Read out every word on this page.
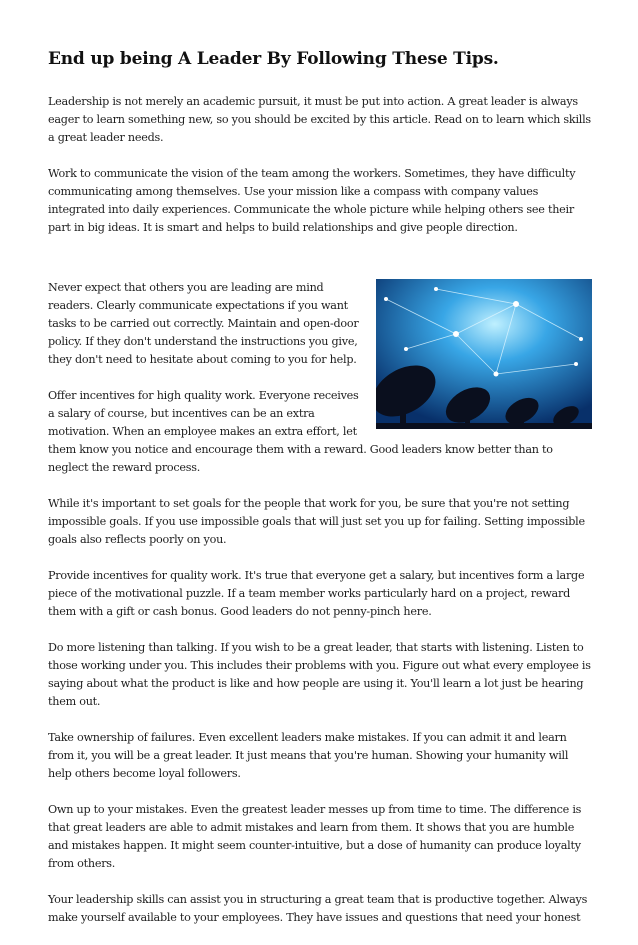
End up being A Leader By Following These Tips.

Leadership is not merely an academic pursuit, it must be put into action. A great leader is always eager to learn something new, so you should be excited by this article. Read on to learn which skills a great leader needs.

Work to communicate the vision of the team among the workers. Sometimes, they have difficulty communicating among themselves. Use your mission like a compass with company values integrated into daily experiences. Communicate the whole picture while helping others see their part in big ideas. It is smart and helps to build relationships and give people direction.

Never expect that others you are leading are mind readers. Clearly communicate expectations if you want tasks to be carried out correctly. Maintain and open-door policy. If they don't understand the instructions you give, they don't need to hesitate about coming to you for help.

Offer incentives for high quality work. Everyone receives a salary of course, but incentives can be an extra motivation. When an employee makes an extra effort, let them know you notice and encourage them with a reward. Good leaders know better than to neglect the reward process.

While it's important to set goals for the people that work for you, be sure that you're not setting impossible goals. If you use impossible goals that will just set you up for failing. Setting impossible goals also reflects poorly on you.

Provide incentives for quality work. It's true that everyone get a salary, but incentives form a large piece of the motivational puzzle. If a team member works particularly hard on a project, reward them with a gift or cash bonus. Good leaders do not penny-pinch here.

Do more listening than talking. If you wish to be a great leader, that starts with listening. Listen to those working under you. This includes their problems with you. Figure out what every employee is saying about what the product is like and how people are using it. You'll learn a lot just be hearing them out.

Take ownership of failures. Even excellent leaders make mistakes. If you can admit it and learn from it, you will be a great leader. It just means that you're human. Showing your humanity will help others become loyal followers.

Own up to your mistakes. Even the greatest leader messes up from time to time. The difference is that great leaders are able to admit mistakes and learn from them. It shows that you are humble and mistakes happen. It might seem counter-intuitive, but a dose of humanity can produce loyalty from others.

Your leadership skills can assist you in structuring a great team that is productive together. Always make yourself available to your employees. They have issues and questions that need your honest
